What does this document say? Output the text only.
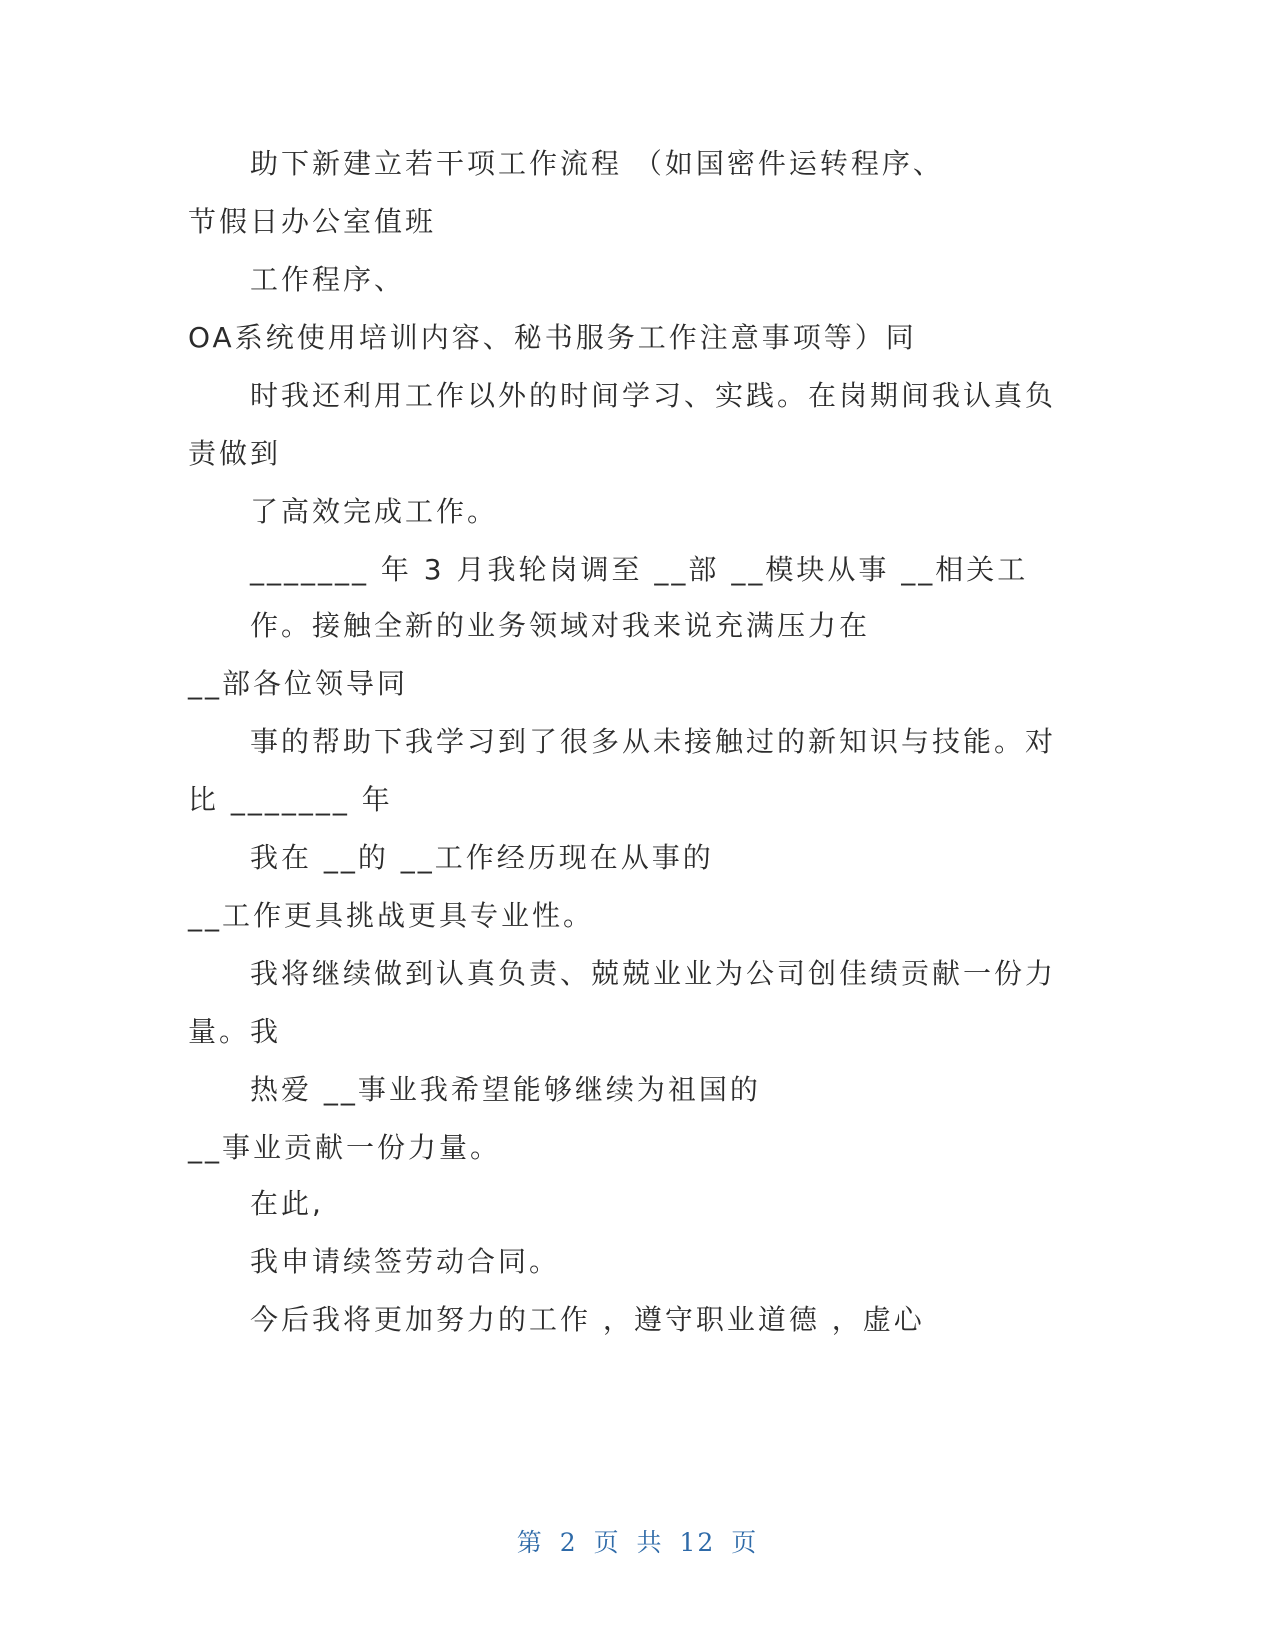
助下新建立若干项工作流程 （如国密件运转程序、
节假日办公室值班
工作程序、
OA系统使用培训内容、秘书服务工作注意事项等）同
时我还利用工作以外的时间学习、实践。在岗期间我认真负
责做到
了高效完成工作。
_______ 年 3 月我轮岗调至 __部 __模块从事 __相关工
作。接触全新的业务领域对我来说充满压力在
__部各位领导同
事的帮助下我学习到了很多从未接触过的新知识与技能。对
比 _______ 年
我在 __的 __工作经历现在从事的
__工作更具挑战更具专业性。
我将继续做到认真负责、兢兢业业为公司创佳绩贡献一份力
量。我
热爱 __事业我希望能够继续为祖国的
__事业贡献一份力量。
在此,
我申请续签劳动合同。
今后我将更加努力的工作 ，遵守职业道德 ，虚心
第 2 页 共 12 页
